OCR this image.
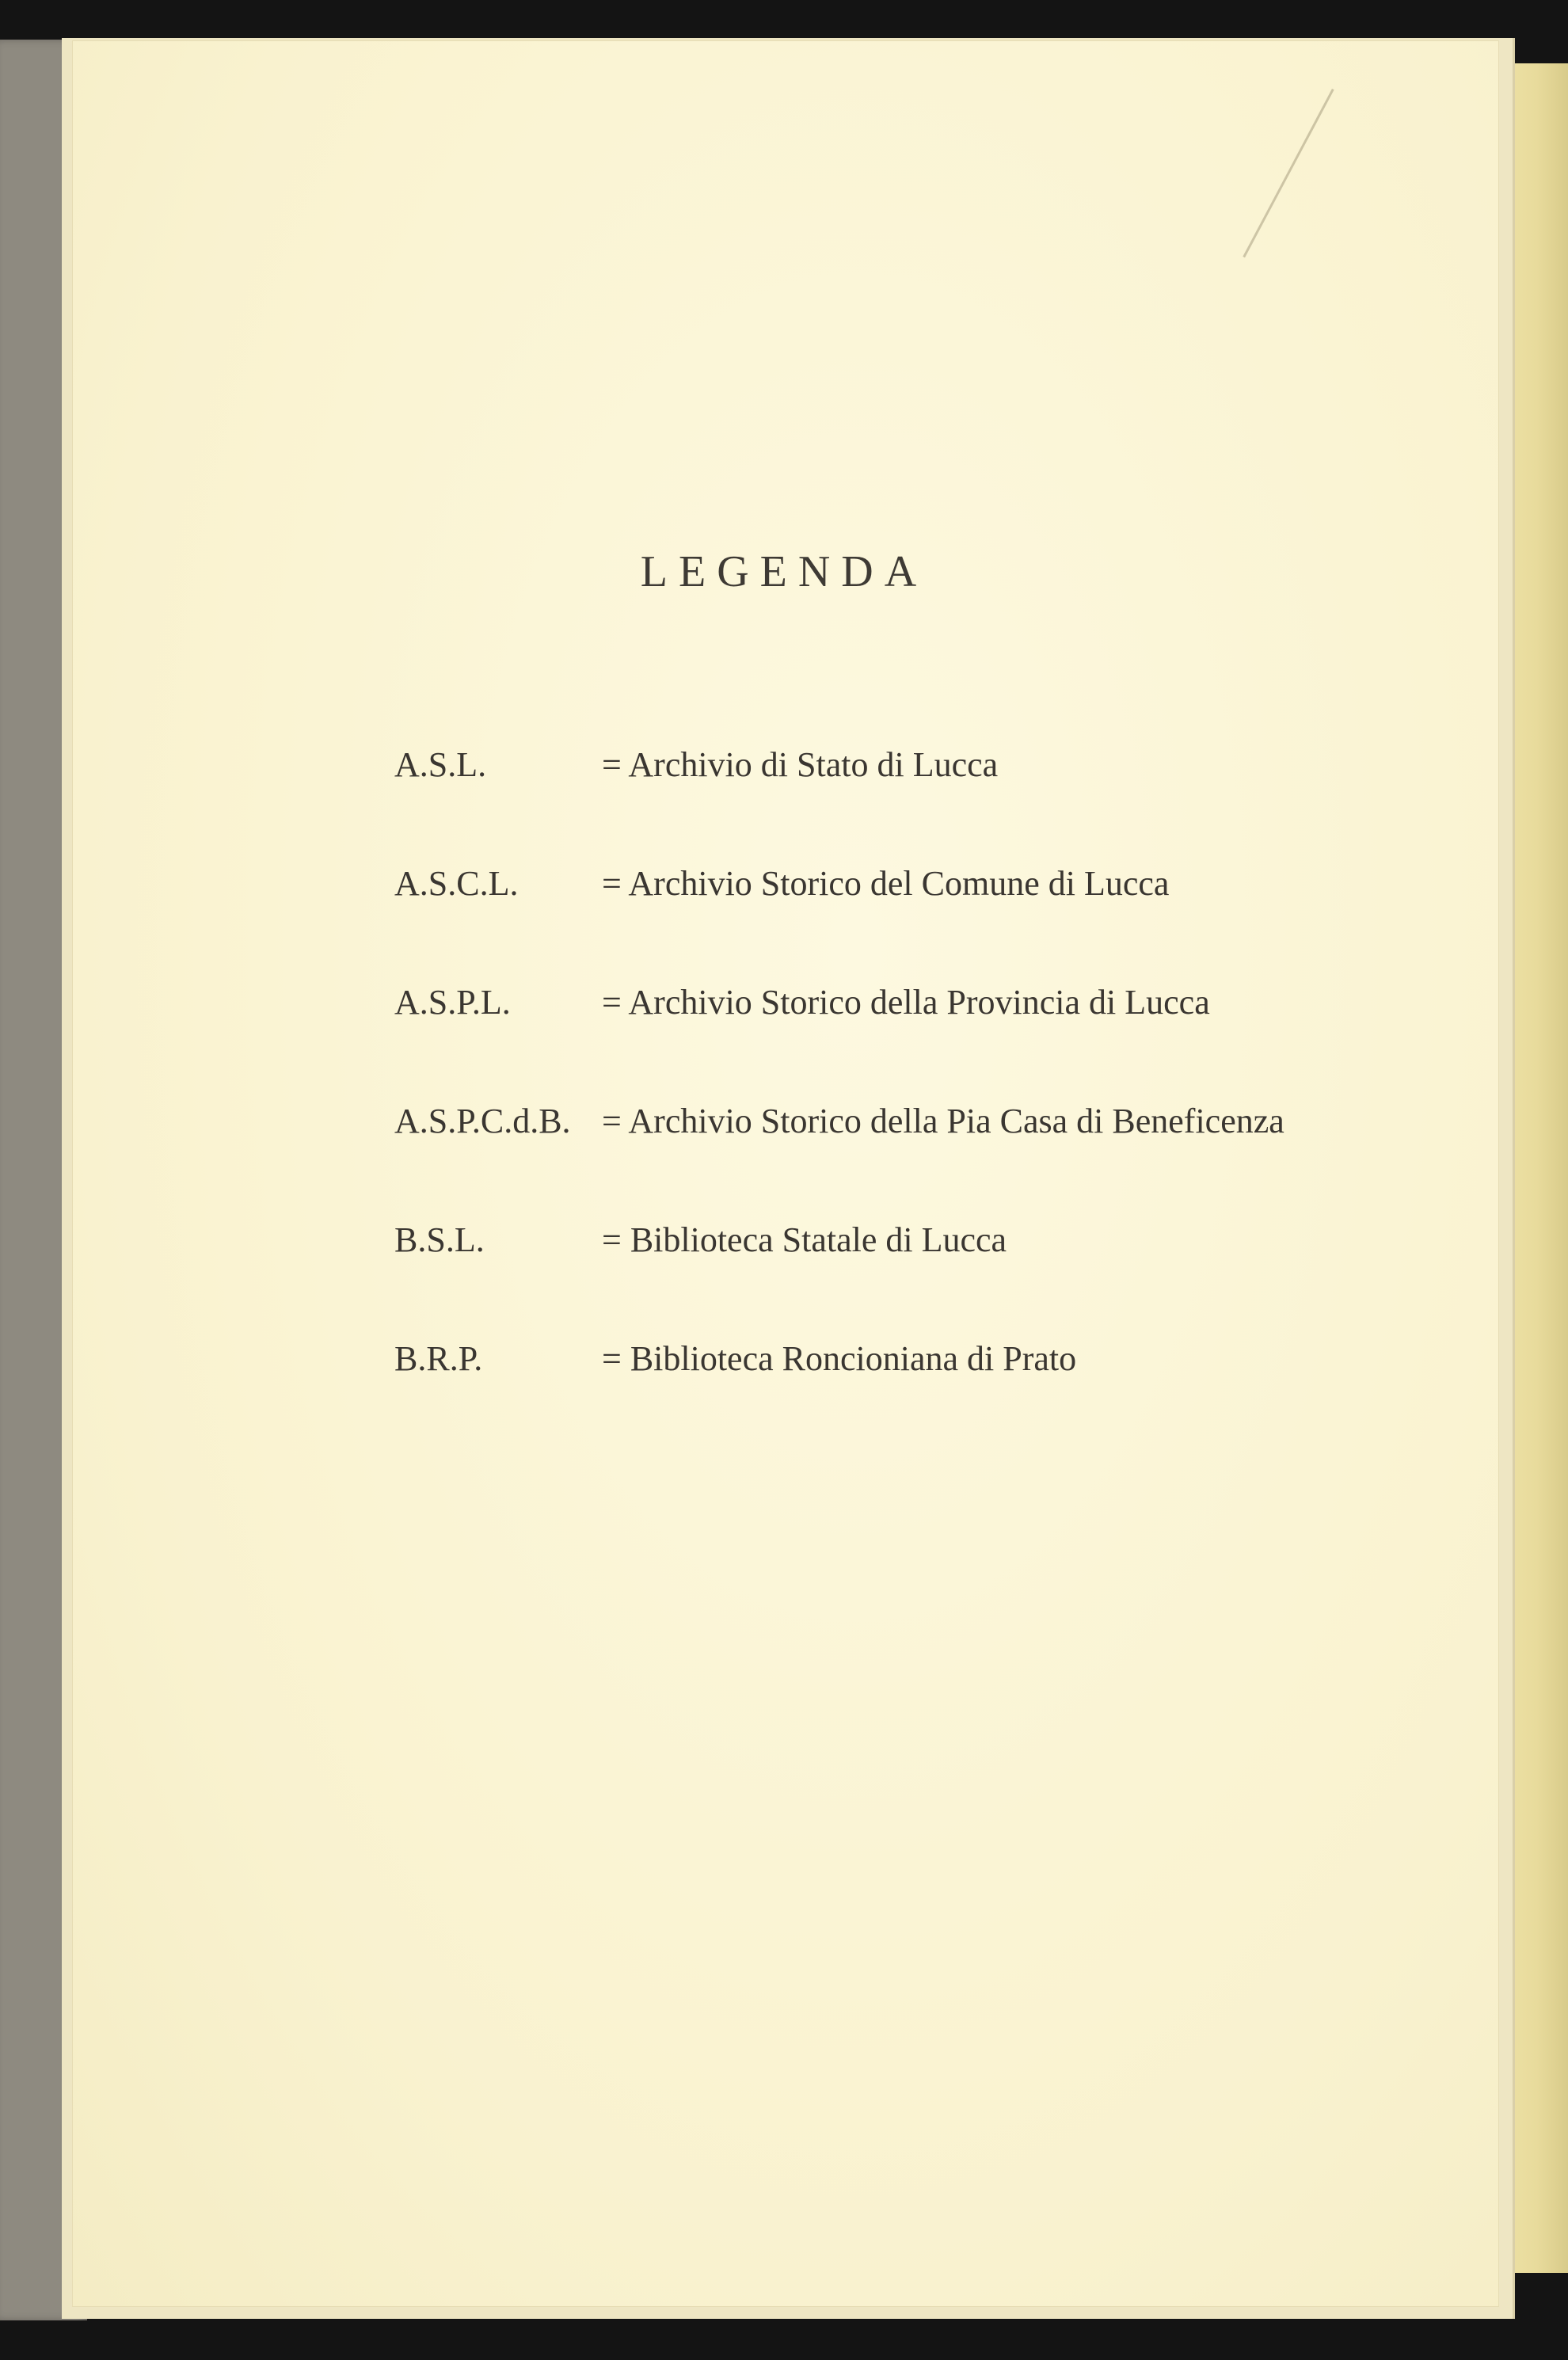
LEGENDA
A.S.L.	= Archivio di Stato di Lucca
A.S.C.L. = Archivio Storico del Comune di Lucca
A.S.P.L.	= Archivio Storico della Provincia di Lucca
A.S.P.C.d.B. = Archivio Storico della Pia Casa di Beneficenza
B.S.L.	= Biblioteca Statale di Lucca
B.R.P.	= Biblioteca Roncioniana di Prato
